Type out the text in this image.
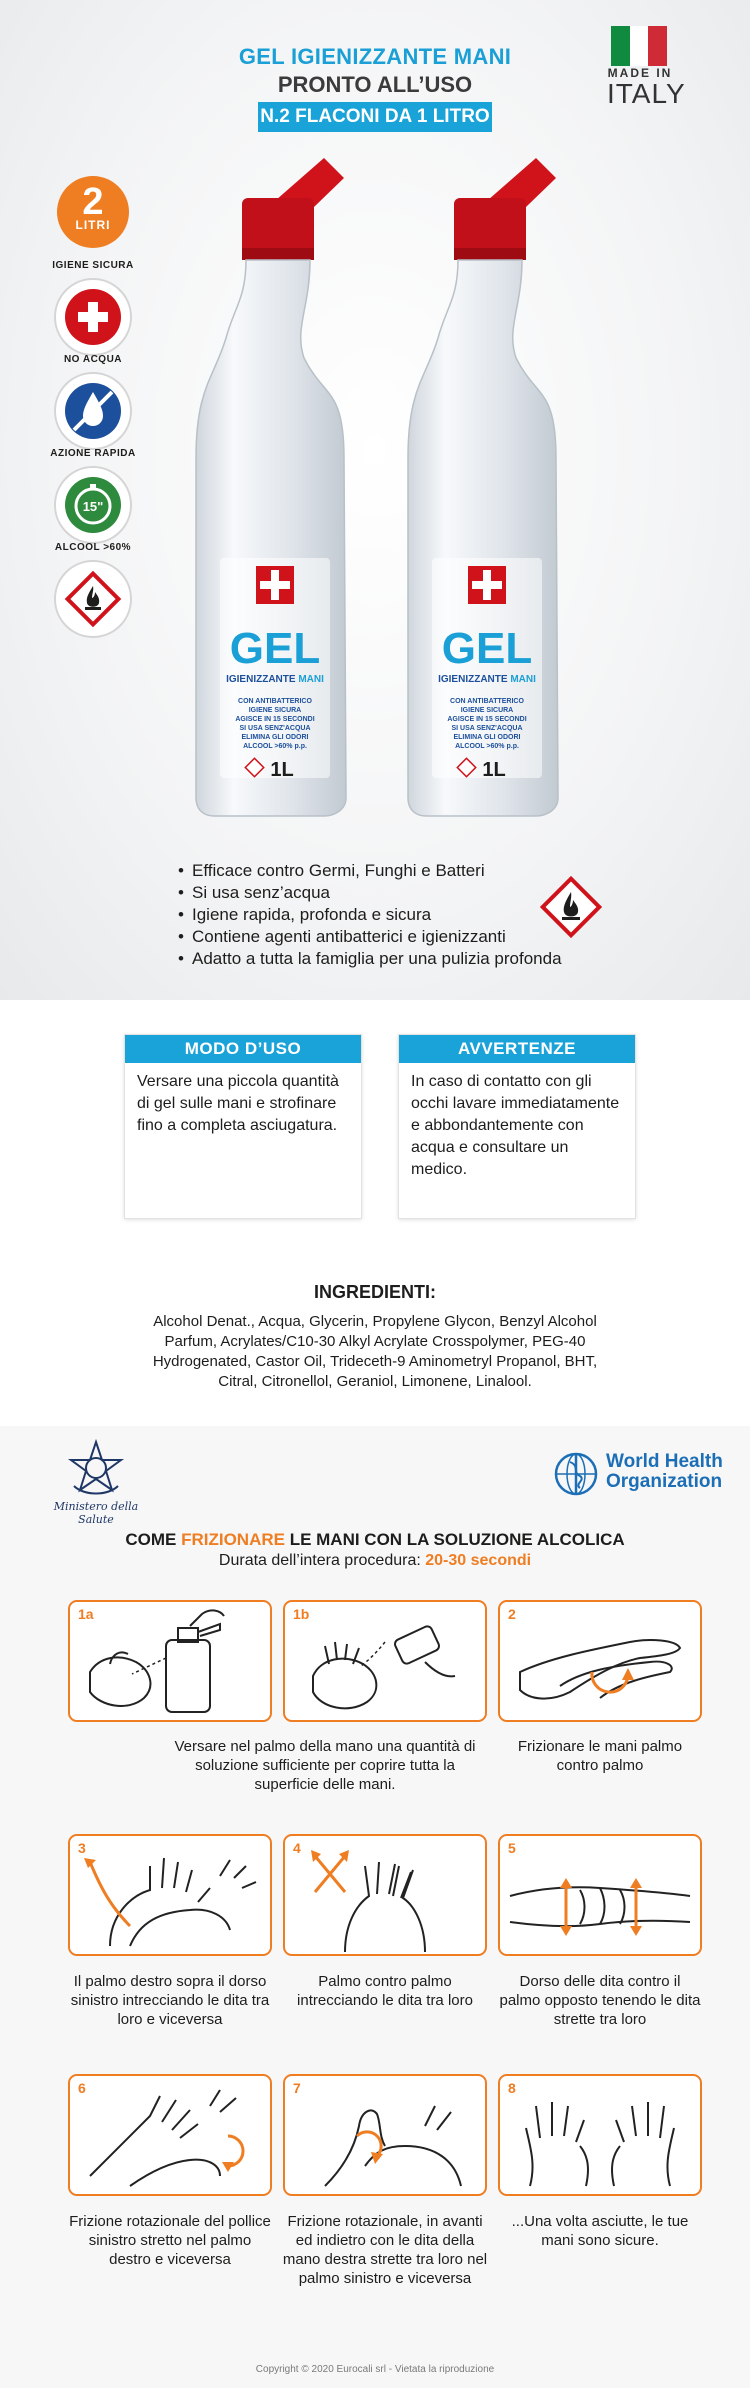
GEL IGIENIZZANTE MANI
PRONTO ALL’USO
N.2 FLACONI DA 1 LITRO
MADE IN
ITALY
2
LITRI
IGIENE SICURA
NO ACQUA
15"
AZIONE RAPIDA
ALCOOL >60%
GEL
IGIENIZZANTE MANI
CON ANTIBATTERICO
IGIENE SICURA
AGISCE IN 15 SECONDI
SI USA SENZ'ACQUA
ELIMINA GLI ODORI
ALCOOL >60% p.p.
1L
GEL
IGIENIZZANTE MANI
CON ANTIBATTERICO
IGIENE SICURA
AGISCE IN 15 SECONDI
SI USA SENZ'ACQUA
ELIMINA GLI ODORI
ALCOOL >60% p.p.
1L
• Efficace contro Germi, Funghi e Batteri
• Si usa senz’acqua
• Igiene rapida, profonda e sicura
• Contiene agenti antibatterici e igienizzanti
• Adatto a tutta la famiglia per una pulizia profonda
MODO D’USO
Versare una piccola quantità di gel sulle mani e strofinare fino a completa asciugatura.
AVVERTENZE
In caso di contatto con gli occhi lavare immediatamente e abbondantemente con acqua e consultare un medico.
INGREDIENTI:
Alcohol Denat., Acqua, Glycerin, Propylene Glycon, Benzyl Alcohol Parfum, Acrylates/C10-30 Alkyl Acrylate Crosspolymer, PEG-40 Hydrogenated, Castor Oil, Trideceth-9 Aminometryl Propanol, BHT, Citral, Citronellol, Geraniol, Limonene, Linalool.
Ministero della Salute
World Health
Organization
COME FRIZIONARE LE MANI CON LA SOLUZIONE ALCOLICA
Durata dell’intera procedura: 20-30 secondi
1a	1b	2
Versare nel palmo della mano una quantità di soluzione sufficiente per coprire tutta la superficie delle mani.
Frizionare le mani palmo contro palmo
3	4	5
Il palmo destro sopra il dorso sinistro intrecciando le dita tra loro e viceversa
Palmo contro palmo intrecciando le dita tra loro
Dorso delle dita contro il palmo opposto tenendo le dita strette tra loro
6	7	8
Frizione rotazionale del pollice sinistro stretto nel palmo destro e viceversa
Frizione rotazionale, in avanti ed indietro con le dita della mano destra strette tra loro nel palmo sinistro e viceversa
...Una volta asciutte, le tue mani sono sicure.
Copyright © 2020 Eurocali srl - Vietata la riproduzione
